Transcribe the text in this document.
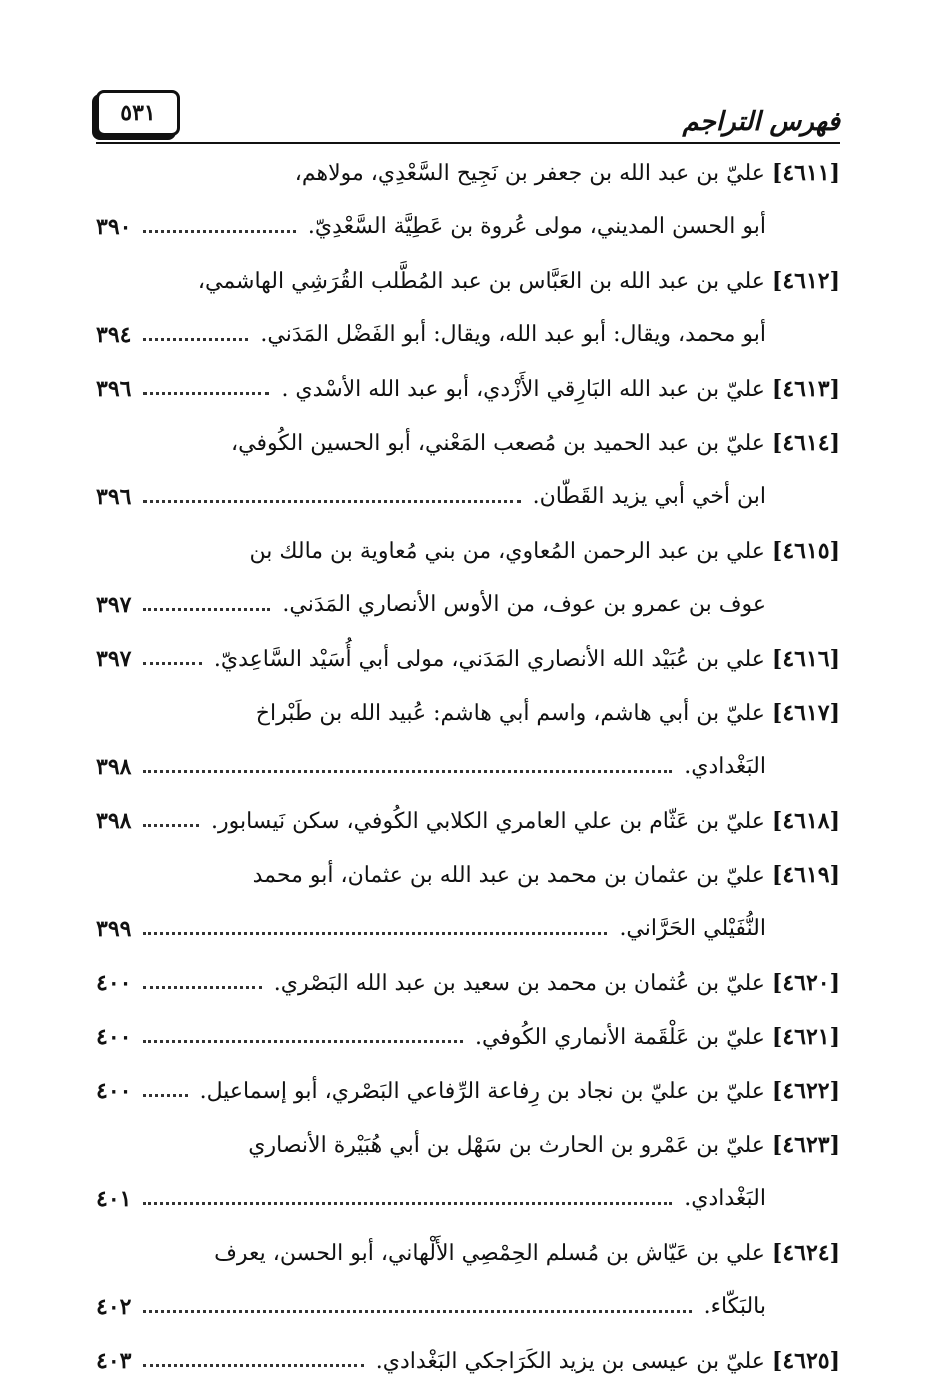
فهرس التراجم
٥٣١
[٤٦١١] عليّ بن عبد الله بن جعفر بن نَجِيح السَّعْدِي، مولاهم،
أبو الحسن المديني، مولى عُروة بن عَطِيَّة السَّعْدِيّ.
٣٩٠
[٤٦١٢] علي بن عبد الله بن العَبَّاس بن عبد المُطَّلب القُرَشِي الهاشمي،
أبو محمد، ويقال: أبو عبد الله، ويقال: أبو الفَضْل المَدَني.
٣٩٤
[٤٦١٣] عليّ بن عبد الله البَارِقي الأَزْدي، أبو عبد الله الأسْدي .
٣٩٦
[٤٦١٤] عليّ بن عبد الحميد بن مُصعب المَعْني، أبو الحسين الكُوفي،
ابن أخي أبي يزيد القَطّان.
٣٩٦
[٤٦١٥] علي بن عبد الرحمن المُعاوي، من بني مُعاوية بن مالك بن
عوف بن عمرو بن عوف، من الأوس الأنصاري المَدَني.
٣٩٧
[٤٦١٦] علي بن عُبَيْد الله الأنصاري المَدَني، مولى أبي أُسَيْد السَّاعِديّ.
٣٩٧
[٤٦١٧] عليّ بن أبي هاشم، واسم أبي هاشم: عُبيد الله بن طَبْراخ
البَغْدادي.
٣٩٨
[٤٦١٨] عليّ بن عَثّام بن علي العامري الكلابي الكُوفي، سكن نَيسابور.
٣٩٨
[٤٦١٩] عليّ بن عثمان بن محمد بن عبد الله بن عثمان، أبو محمد
النُّفَيْلي الحَرَّاني.
٣٩٩
[٤٦٢٠] عليّ بن عُثمان بن محمد بن سعيد بن عبد الله البَصْري.
٤٠٠
[٤٦٢١] عليّ بن عَلْقَمة الأنماري الكُوفي.
٤٠٠
[٤٦٢٢] عليّ بن عليّ بن نجاد بن رِفاعة الرِّفاعي البَصْري، أبو إسماعيل.
٤٠٠
[٤٦٢٣] عليّ بن عَمْرو بن الحارث بن سَهْل بن أبي هُبَيْرة الأنصاري
البَغْدادي.
٤٠١
[٤٦٢٤] علي بن عَيّاش بن مُسلم الحِمْصِي الأَلْهاني، أبو الحسن، يعرف
بالبَكّاء.
٤٠٢
[٤٦٢٥] عليّ بن عيسى بن يزيد الكَرَاجكي البَغْدادي.
٤٠٣
